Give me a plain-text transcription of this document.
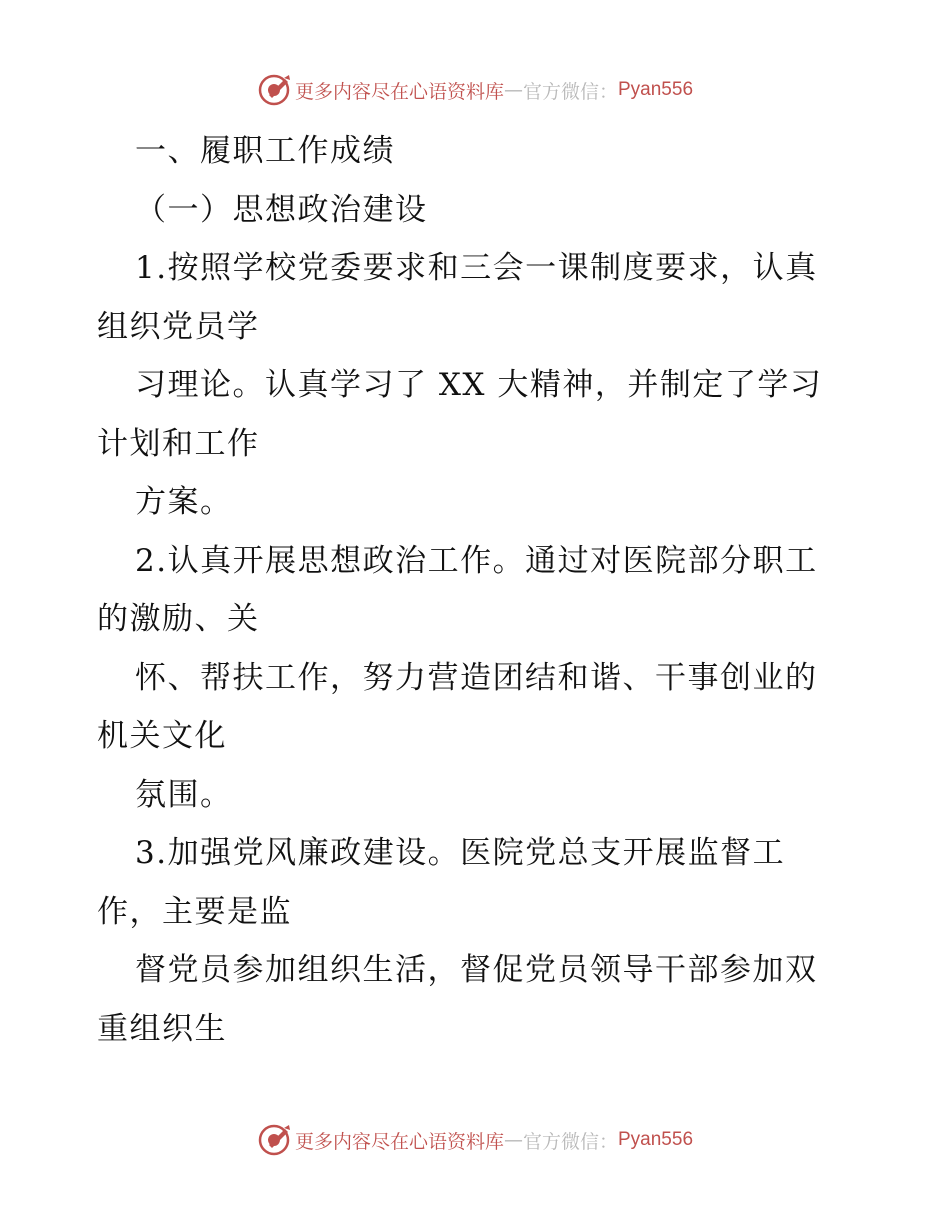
更多内容尽在心语资料库 — 官方微信： Pyan556
一、履职工作成绩
（一）思想政治建设
1.按照学校党委要求和三会一课制度要求，认真
组织党员学
习理论。认真学习了 XX 大精神，并制定了学习
计划和工作
方案。
2.认真开展思想政治工作。通过对医院部分职工
的激励、关
怀、帮扶工作，努力营造团结和谐、干事创业的
机关文化
氛围。
3.加强党风廉政建设。医院党总支开展监督工
作，主要是监
督党员参加组织生活，督促党员领导干部参加双
重组织生
更多内容尽在心语资料库 — 官方微信： Pyan556
